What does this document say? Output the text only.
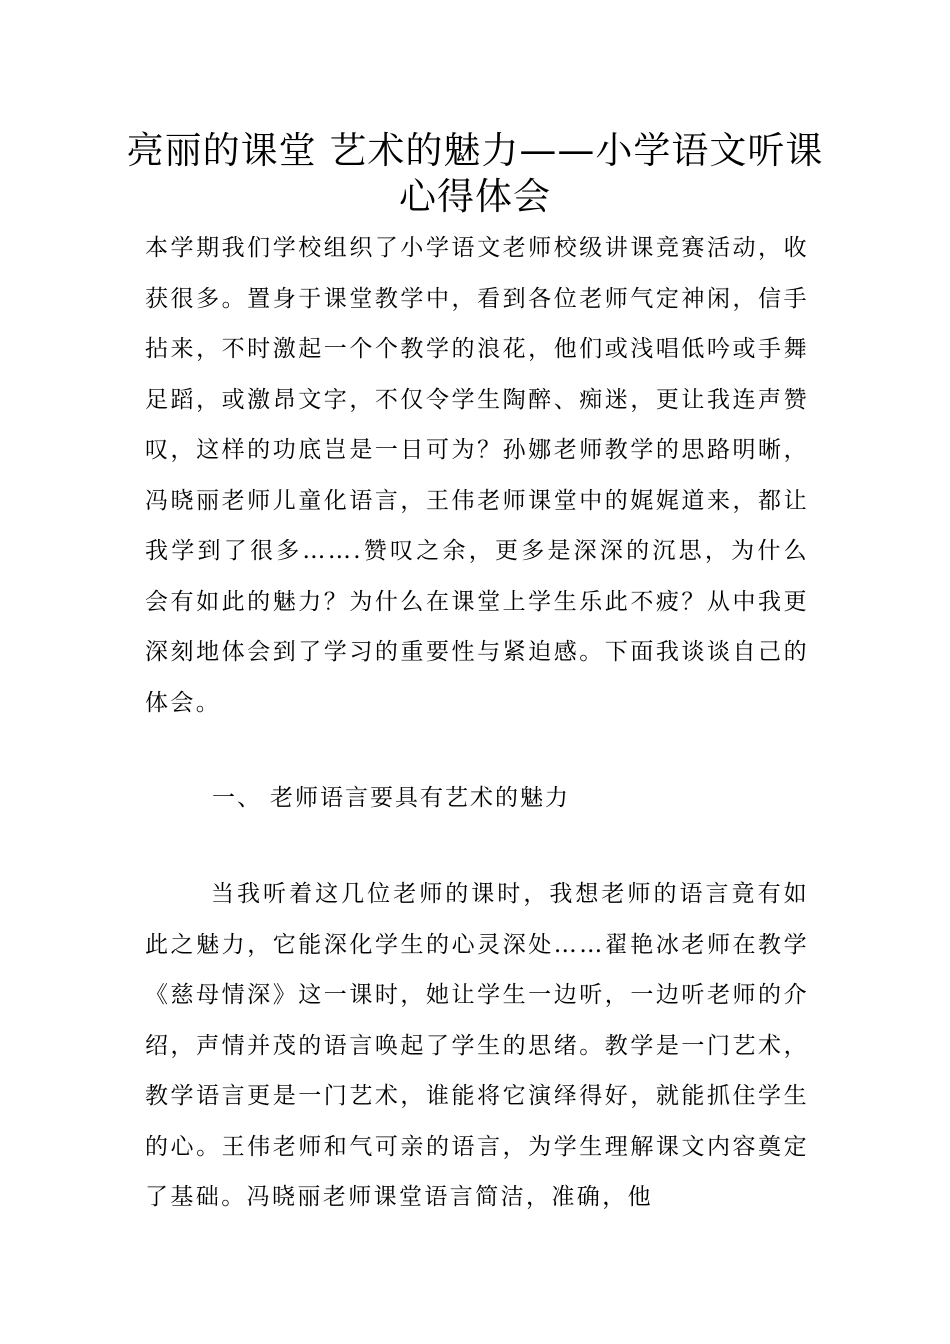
亮丽的课堂 艺术的魅力——小学语文听课心得体会

本学期我们学校组织了小学语文老师校级讲课竞赛活动，收获很多。置身于课堂教学中，看到各位老师气定神闲，信手拈来，不时激起一个个教学的浪花，他们或浅唱低吟或手舞足蹈，或激昂文字，不仅令学生陶醉、痴迷，更让我连声赞叹，这样的功底岂是一日可为？孙娜老师教学的思路明晰，冯晓丽老师儿童化语言，王伟老师课堂中的娓娓道来，都让我学到了很多…….赞叹之余，更多是深深的沉思，为什么会有如此的魅力？为什么在课堂上学生乐此不疲？从中我更深刻地体会到了学习的重要性与紧迫感。下面我谈谈自己的体会。

一、 老师语言要具有艺术的魅力

当我听着这几位老师的课时，我想老师的语言竟有如此之魅力，它能深化学生的心灵深处……翟艳冰老师在教学《慈母情深》这一课时，她让学生一边听，一边听老师的介绍，声情并茂的语言唤起了学生的思绪。教学是一门艺术，教学语言更是一门艺术，谁能将它演绎得好，就能抓住学生的心。王伟老师和气可亲的语言，为学生理解课文内容奠定了基础。冯晓丽老师课堂语言简洁，准确，他
